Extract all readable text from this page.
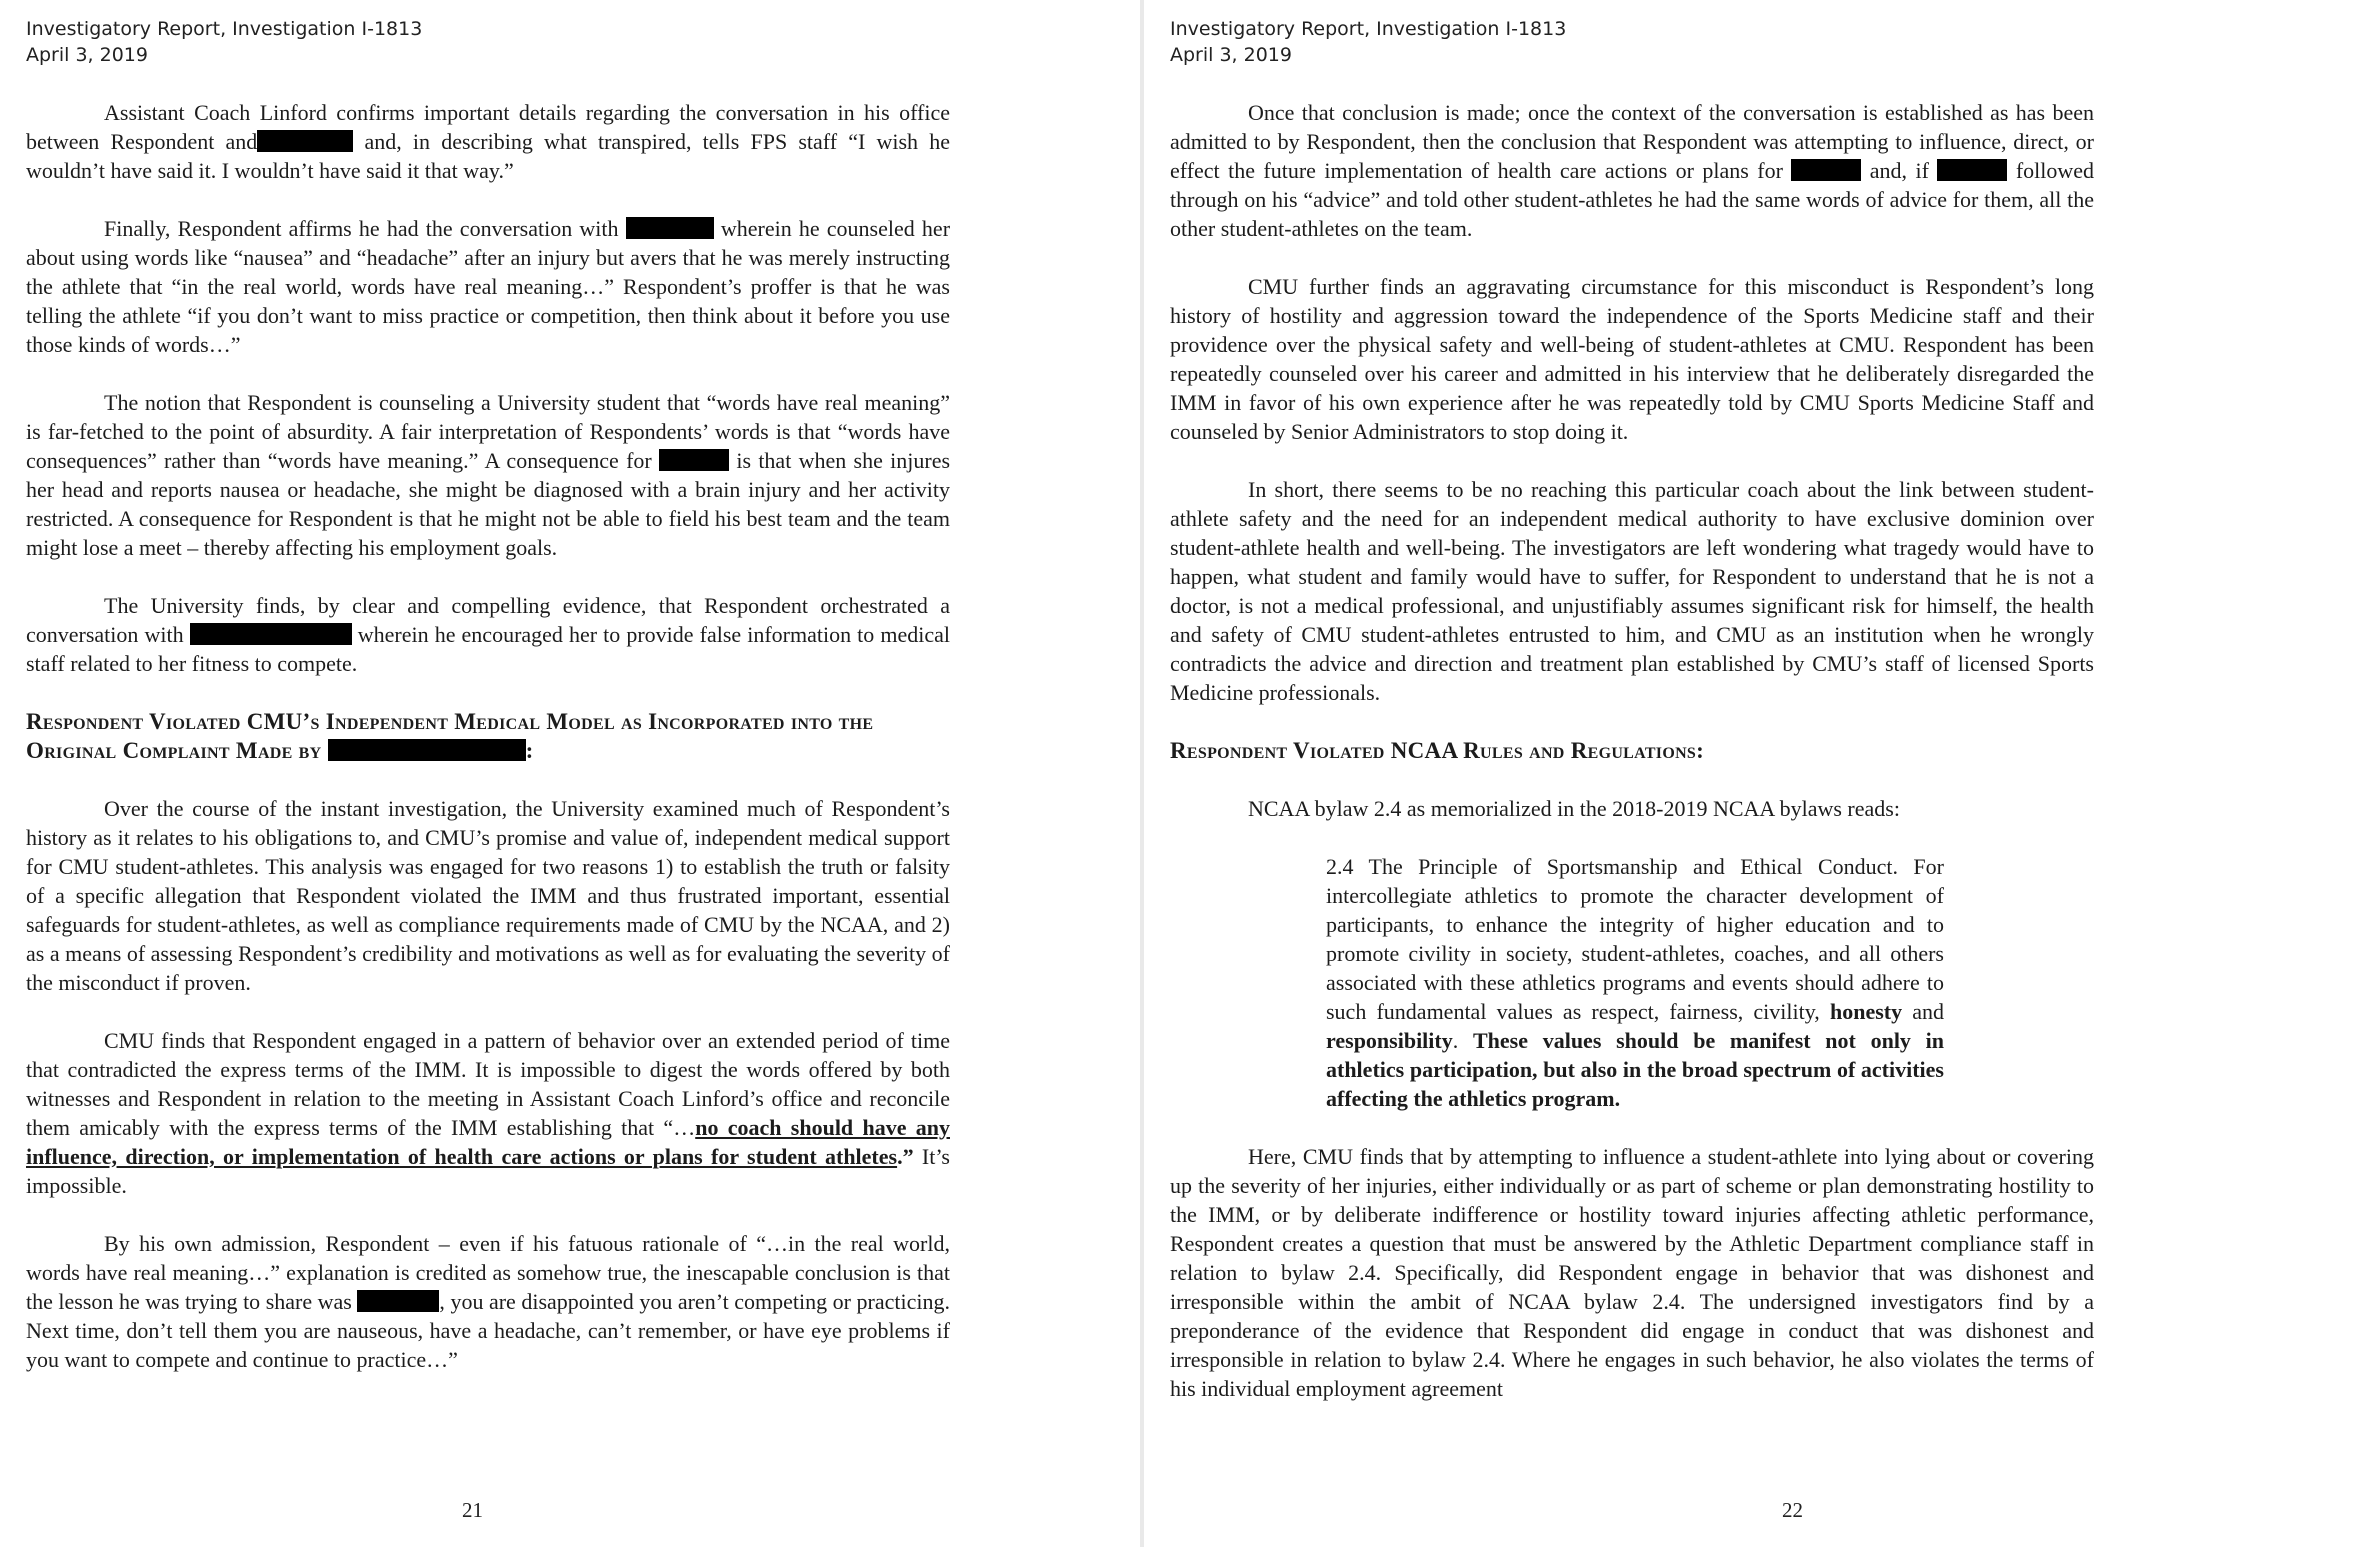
Investigatory Report, Investigation I-1813
April 3, 2019

Assistant Coach Linford confirms important details regarding the conversation in his office between Respondent and	and, in describing what transpired, tells FPS staff “I wish he wouldn’t have said it. I wouldn’t have said it that way.”

Finally, Respondent affirms he had the conversation with	wherein he counseled her about using words like “nausea” and “headache” after an injury but avers that he was merely instructing the athlete that “in the real world, words have real meaning…” Respondent’s proffer is that he was telling the athlete “if you don’t want to miss practice or competition, then think about it before you use those kinds of words…”

The notion that Respondent is counseling a University student that “words have real meaning” is far-fetched to the point of absurdity. A fair interpretation of Respondents’ words is that “words have consequences” rather than “words have meaning.” A consequence for	is that when she injures her head and reports nausea or headache, she might be diagnosed with a brain injury and her activity restricted. A consequence for Respondent is that he might not be able to field his best team and the team might lose a meet – thereby affecting his employment goals.

The University finds, by clear and compelling evidence, that Respondent orchestrated a conversation with	wherein he encouraged her to provide false information to medical staff related to her fitness to compete.

Respondent Violated CMU’s Independent Medical Model as Incorporated into the Original Complaint Made by	:

Over the course of the instant investigation, the University examined much of Respondent’s history as it relates to his obligations to, and CMU’s promise and value of, independent medical support for CMU student-athletes. This analysis was engaged for two reasons 1) to establish the truth or falsity of a specific allegation that Respondent violated the IMM and thus frustrated important, essential safeguards for student-athletes, as well as compliance requirements made of CMU by the NCAA, and 2) as a means of assessing Respondent’s credibility and motivations as well as for evaluating the severity of the misconduct if proven.

CMU finds that Respondent engaged in a pattern of behavior over an extended period of time that contradicted the express terms of the IMM. It is impossible to digest the words offered by both witnesses and Respondent in relation to the meeting in Assistant Coach Linford’s office and reconcile them amicably with the express terms of the IMM establishing that “…no coach should have any influence, direction, or implementation of health care actions or plans for student athletes.” It’s impossible.

By his own admission, Respondent – even if his fatuous rationale of “…in the real world, words have real meaning…” explanation is credited as somehow true, the inescapable conclusion is that the lesson he was trying to share was	, you are disappointed you aren’t competing or practicing. Next time, don’t tell them you are nauseous, have a headache, can’t remember, or have eye problems if you want to compete and continue to practice…”

21
Investigatory Report, Investigation I-1813
April 3, 2019

Once that conclusion is made; once the context of the conversation is established as has been admitted to by Respondent, then the conclusion that Respondent was attempting to influence, direct, or effect the future implementation of health care actions or plans for	and, if	followed through on his “advice” and told other student-athletes he had the same words of advice for them, all the other student-athletes on the team.

CMU further finds an aggravating circumstance for this misconduct is Respondent’s long history of hostility and aggression toward the independence of the Sports Medicine staff and their providence over the physical safety and well-being of student-athletes at CMU. Respondent has been repeatedly counseled over his career and admitted in his interview that he deliberately disregarded the IMM in favor of his own experience after he was repeatedly told by CMU Sports Medicine Staff and counseled by Senior Administrators to stop doing it.

In short, there seems to be no reaching this particular coach about the link between student-athlete safety and the need for an independent medical authority to have exclusive dominion over student-athlete health and well-being. The investigators are left wondering what tragedy would have to happen, what student and family would have to suffer, for Respondent to understand that he is not a doctor, is not a medical professional, and unjustifiably assumes significant risk for himself, the health and safety of CMU student-athletes entrusted to him, and CMU as an institution when he wrongly contradicts the advice and direction and treatment plan established by CMU’s staff of licensed Sports Medicine professionals.

Respondent Violated NCAA Rules and Regulations:

NCAA bylaw 2.4 as memorialized in the 2018-2019 NCAA bylaws reads:

2.4 The Principle of Sportsmanship and Ethical Conduct. For intercollegiate athletics to promote the character development of participants, to enhance the integrity of higher education and to promote civility in society, student-athletes, coaches, and all others associated with these athletics programs and events should adhere to such fundamental values as respect, fairness, civility, honesty and responsibility. These values should be manifest not only in athletics participation, but also in the broad spectrum of activities affecting the athletics program.

Here, CMU finds that by attempting to influence a student-athlete into lying about or covering up the severity of her injuries, either individually or as part of scheme or plan demonstrating hostility to the IMM, or by deliberate indifference or hostility toward injuries affecting athletic performance, Respondent creates a question that must be answered by the Athletic Department compliance staff in relation to bylaw 2.4. Specifically, did Respondent engage in behavior that was dishonest and irresponsible within the ambit of NCAA bylaw 2.4. The undersigned investigators find by a preponderance of the evidence that Respondent did engage in conduct that was dishonest and irresponsible in relation to bylaw 2.4. Where he engages in such behavior, he also violates the terms of his individual employment agreement

22
